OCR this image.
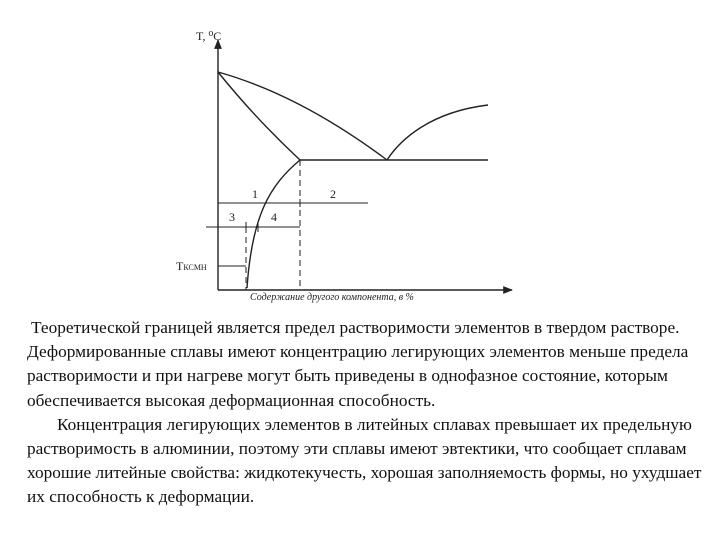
T, ⁰C
1	2
3	4
TКСМН
Содержание другого компонента, в %

Теоретической границей является предел растворимости элементов в твердом растворе. Деформированные сплавы имеют концентрацию легирующих элементов меньше предела растворимости и при нагреве могут быть приведены в однофазное состояние, которым обеспечивается высокая деформационная способность.

Концентрация легирующих элементов в литейных сплавах превышает их предельную растворимость в алюминии, поэтому эти сплавы имеют эвтектики, что сообщает сплавам хорошие литейные свойства: жидкотекучесть, хорошая заполняемость формы, но ухудшает их способность к деформации.
